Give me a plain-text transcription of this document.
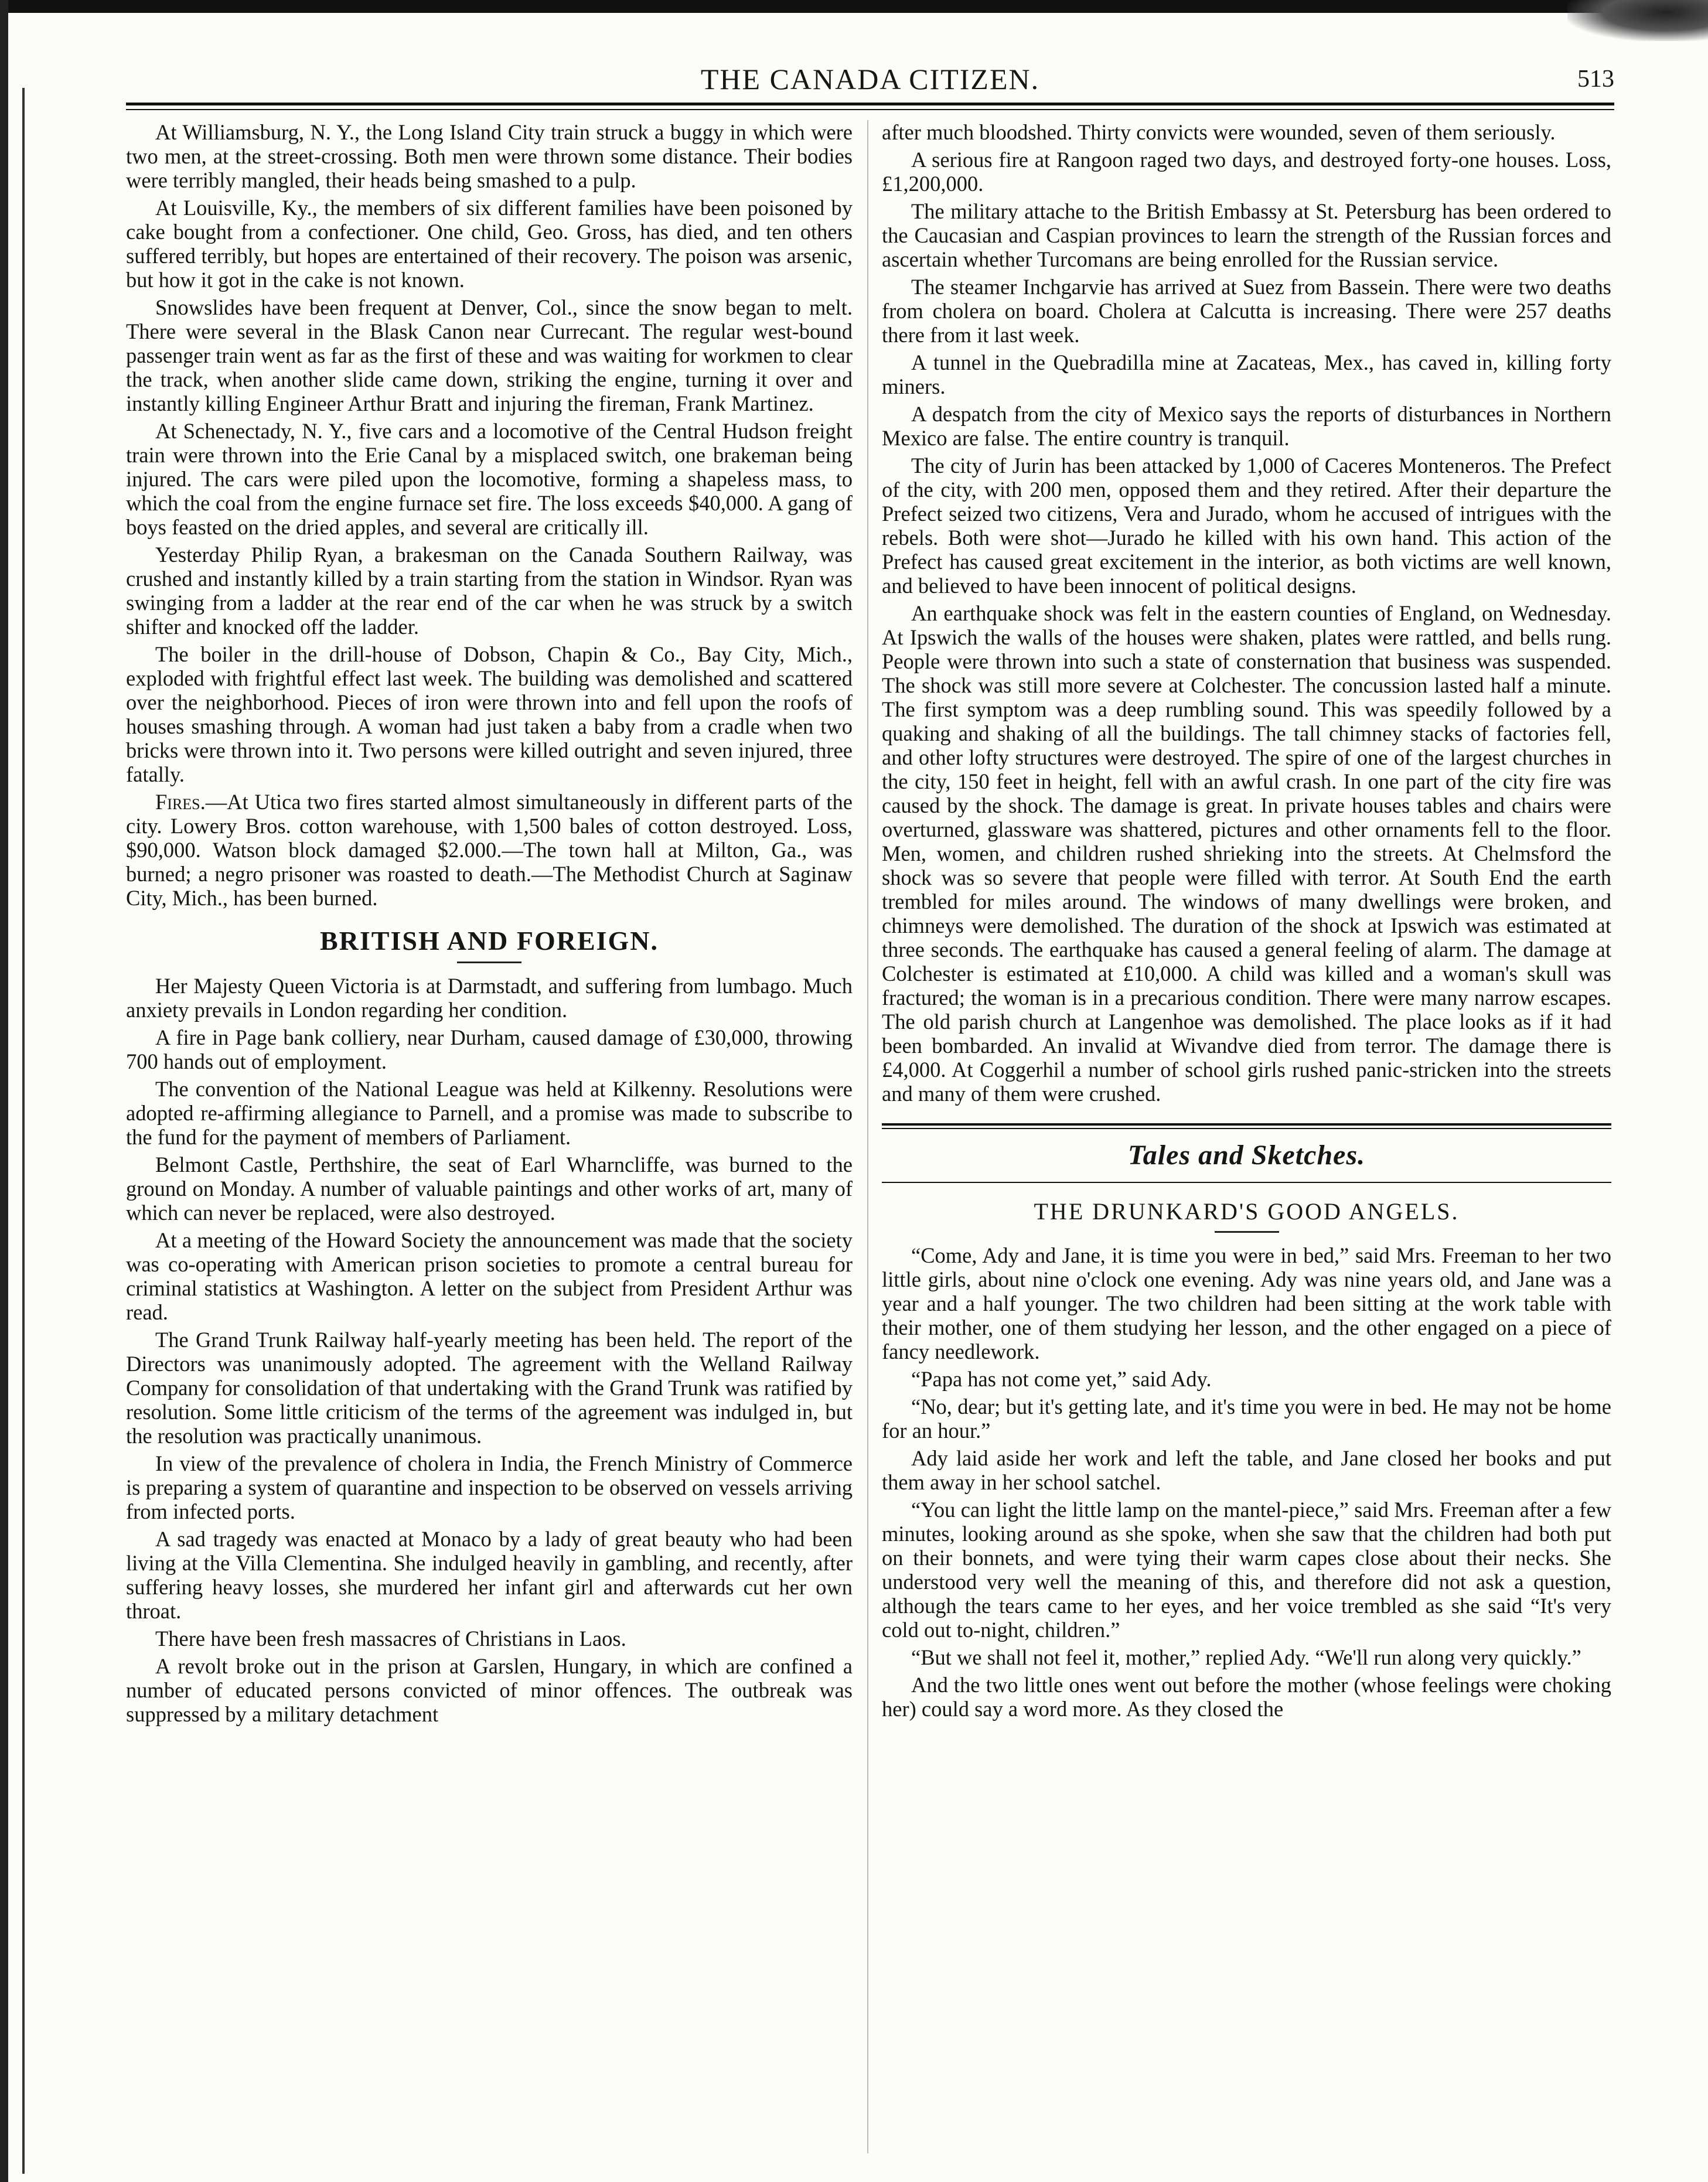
THE CANADA CITIZEN.	513

At Williamsburg, N. Y., the Long Island City train struck a buggy in which were two men, at the street-crossing. Both men were thrown some distance. Their bodies were terribly mangled, their heads being smashed to a pulp.

At Louisville, Ky., the members of six different families have been poisoned by cake bought from a confectioner. One child, Geo. Gross, has died, and ten others suffered terribly, but hopes are entertained of their recovery. The poison was arsenic, but how it got in the cake is not known.

Snowslides have been frequent at Denver, Col., since the snow began to melt. There were several in the Blask Canon near Currecant. The regular west-bound passenger train went as far as the first of these and was waiting for workmen to clear the track, when another slide came down, striking the engine, turning it over and instantly killing Engineer Arthur Bratt and injuring the fireman, Frank Martinez.

At Schenectady, N. Y., five cars and a locomotive of the Central Hudson freight train were thrown into the Erie Canal by a misplaced switch, one brakeman being injured. The cars were piled upon the locomotive, forming a shapeless mass, to which the coal from the engine furnace set fire. The loss exceeds $40,000. A gang of boys feasted on the dried apples, and several are critically ill.

Yesterday Philip Ryan, a brakesman on the Canada Southern Railway, was crushed and instantly killed by a train starting from the station in Windsor. Ryan was swinging from a ladder at the rear end of the car when he was struck by a switch shifter and knocked off the ladder.

The boiler in the drill-house of Dobson, Chapin & Co., Bay City, Mich., exploded with frightful effect last week. The building was demolished and scattered over the neighborhood. Pieces of iron were thrown into and fell upon the roofs of houses smashing through. A woman had just taken a baby from a cradle when two bricks were thrown into it. Two persons were killed outright and seven injured, three fatally.

Fires.—At Utica two fires started almost simultaneously in different parts of the city. Lowery Bros. cotton warehouse, with 1,500 bales of cotton destroyed. Loss, $90,000. Watson block damaged $2.000.—The town hall at Milton, Ga., was burned; a negro prisoner was roasted to death.—The Methodist Church at Saginaw City, Mich., has been burned.

BRITISH AND FOREIGN.

Her Majesty Queen Victoria is at Darmstadt, and suffering from lumbago. Much anxiety prevails in London regarding her condition.

A fire in Page bank colliery, near Durham, caused damage of £30,000, throwing 700 hands out of employment.

The convention of the National League was held at Kilkenny. Resolutions were adopted re-affirming allegiance to Parnell, and a promise was made to subscribe to the fund for the payment of members of Parliament.

Belmont Castle, Perthshire, the seat of Earl Wharncliffe, was burned to the ground on Monday. A number of valuable paintings and other works of art, many of which can never be replaced, were also destroyed.

At a meeting of the Howard Society the announcement was made that the society was co-operating with American prison societies to promote a central bureau for criminal statistics at Washington. A letter on the subject from President Arthur was read.

The Grand Trunk Railway half-yearly meeting has been held. The report of the Directors was unanimously adopted. The agreement with the Welland Railway Company for consolidation of that undertaking with the Grand Trunk was ratified by resolution. Some little criticism of the terms of the agreement was indulged in, but the resolution was practically unanimous.

In view of the prevalence of cholera in India, the French Ministry of Commerce is preparing a system of quarantine and inspection to be observed on vessels arriving from infected ports.

A sad tragedy was enacted at Monaco by a lady of great beauty who had been living at the Villa Clementina. She indulged heavily in gambling, and recently, after suffering heavy losses, she murdered her infant girl and afterwards cut her own throat.

There have been fresh massacres of Christians in Laos.

A revolt broke out in the prison at Garslen, Hungary, in which are confined a number of educated persons convicted of minor offences. The outbreak was suppressed by a military detachment

after much bloodshed. Thirty convicts were wounded, seven of them seriously.

A serious fire at Rangoon raged two days, and destroyed forty-one houses. Loss, £1,200,000.

The military attache to the British Embassy at St. Petersburg has been ordered to the Caucasian and Caspian provinces to learn the strength of the Russian forces and ascertain whether Turcomans are being enrolled for the Russian service.

The steamer Inchgarvie has arrived at Suez from Bassein. There were two deaths from cholera on board. Cholera at Calcutta is increasing. There were 257 deaths there from it last week.

A tunnel in the Quebradilla mine at Zacateas, Mex., has caved in, killing forty miners.

A despatch from the city of Mexico says the reports of disturbances in Northern Mexico are false. The entire country is tranquil.

The city of Jurin has been attacked by 1,000 of Caceres Monteneros. The Prefect of the city, with 200 men, opposed them and they retired. After their departure the Prefect seized two citizens, Vera and Jurado, whom he accused of intrigues with the rebels. Both were shot—Jurado he killed with his own hand. This action of the Prefect has caused great excitement in the interior, as both victims are well known, and believed to have been innocent of political designs.

An earthquake shock was felt in the eastern counties of England, on Wednesday. At Ipswich the walls of the houses were shaken, plates were rattled, and bells rung. People were thrown into such a state of consternation that business was suspended. The shock was still more severe at Colchester. The concussion lasted half a minute. The first symptom was a deep rumbling sound. This was speedily followed by a quaking and shaking of all the buildings. The tall chimney stacks of factories fell, and other lofty structures were destroyed. The spire of one of the largest churches in the city, 150 feet in height, fell with an awful crash. In one part of the city fire was caused by the shock. The damage is great. In private houses tables and chairs were overturned, glassware was shattered, pictures and other ornaments fell to the floor. Men, women, and children rushed shrieking into the streets. At Chelmsford the shock was so severe that people were filled with terror. At South End the earth trembled for miles around. The windows of many dwellings were broken, and chimneys were demolished. The duration of the shock at Ipswich was estimated at three seconds. The earthquake has caused a general feeling of alarm. The damage at Colchester is estimated at £10,000. A child was killed and a woman's skull was fractured; the woman is in a precarious condition. There were many narrow escapes. The old parish church at Langenhoe was demolished. The place looks as if it had been bombarded. An invalid at Wivandve died from terror. The damage there is £4,000. At Coggerhil a number of school girls rushed panic-stricken into the streets and many of them were crushed.

Tales and Sketches.
THE DRUNKARD'S GOOD ANGELS.

“Come, Ady and Jane, it is time you were in bed,” said Mrs. Freeman to her two little girls, about nine o'clock one evening. Ady was nine years old, and Jane was a year and a half younger. The two children had been sitting at the work table with their mother, one of them studying her lesson, and the other engaged on a piece of fancy needlework.

“Papa has not come yet,” said Ady.

“No, dear; but it's getting late, and it's time you were in bed. He may not be home for an hour.”

Ady laid aside her work and left the table, and Jane closed her books and put them away in her school satchel.

“You can light the little lamp on the mantel-piece,” said Mrs. Freeman after a few minutes, looking around as she spoke, when she saw that the children had both put on their bonnets, and were tying their warm capes close about their necks. She understood very well the meaning of this, and therefore did not ask a question, although the tears came to her eyes, and her voice trembled as she said “It's very cold out to-night, children.”

“But we shall not feel it, mother,” replied Ady. “We'll run along very quickly.”

And the two little ones went out before the mother (whose feelings were choking her) could say a word more. As they closed the
